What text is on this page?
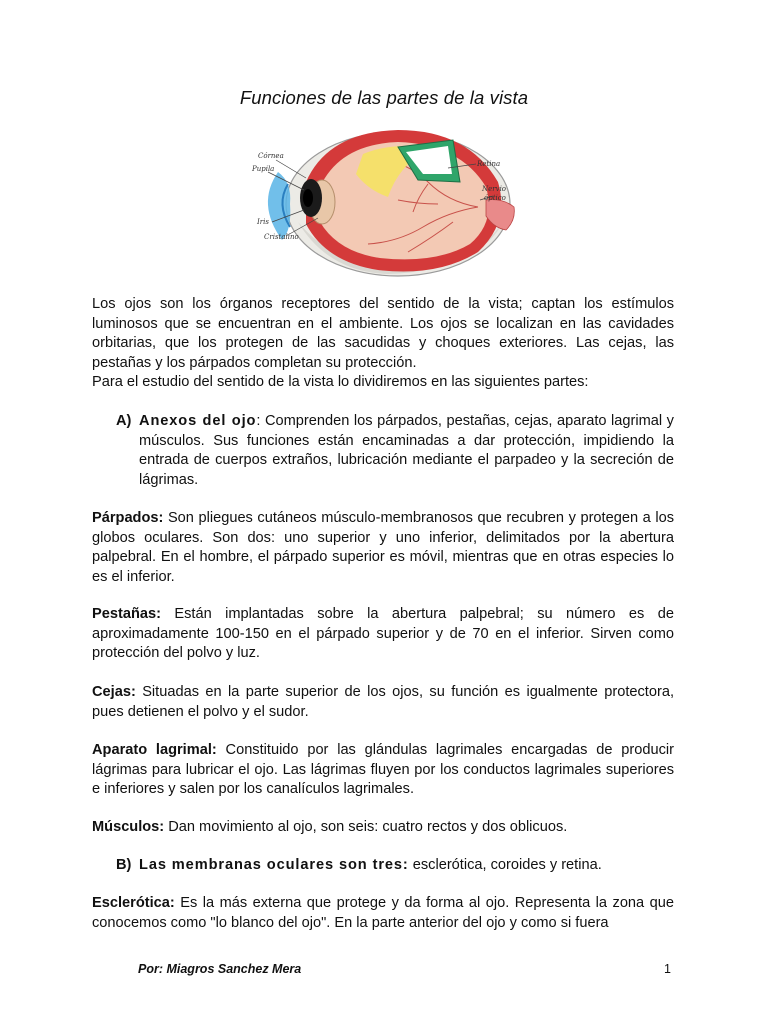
Funciones de las partes de la vista
Córnea
Pupila
Iris
Cristalino
Retina
Nervio
óptico

Los ojos son los órganos receptores del sentido de la vista; captan los estímulos luminosos que se encuentran en el ambiente. Los ojos se localizan en las cavidades orbitarias, que los protegen de las sacudidas y choques exteriores. Las cejas, las pestañas y los párpados completan su protección.

Para el estudio del sentido de la vista lo dividiremos en las siguientes partes:

A) Anexos del ojo: Comprenden los párpados, pestañas, cejas, aparato lagrimal y músculos. Sus funciones están encaminadas a dar protección, impidiendo la entrada de cuerpos extraños, lubricación mediante el parpadeo y la secreción de lágrimas.
Párpados: Son pliegues cutáneos músculo-membranosos que recubren y protegen a los globos oculares. Son dos: uno superior y uno inferior, delimitados por la abertura palpebral. En el hombre, el párpado superior es móvil, mientras que en otras especies lo es el inferior.
Pestañas: Están implantadas sobre la abertura palpebral; su número es de aproximadamente 100-150 en el párpado superior y de 70 en el inferior. Sirven como protección del polvo y luz.
Cejas: Situadas en la parte superior de los ojos, su función es igualmente protectora, pues detienen el polvo y el sudor.
Aparato lagrimal: Constituido por las glándulas lagrimales encargadas de producir lágrimas para lubricar el ojo. Las lágrimas fluyen por los conductos lagrimales superiores e inferiores y salen por los canalículos lagrimales.
Músculos: Dan movimiento al ojo, son seis: cuatro rectos y dos oblicuos.
B) Las membranas oculares son tres: esclerótica, coroides y retina.
Esclerótica: Es la más externa que protege y da forma al ojo. Representa la zona que conocemos como "lo blanco del ojo". En la parte anterior del ojo y como si fuera
Por: Miagros Sanchez Mera	1
